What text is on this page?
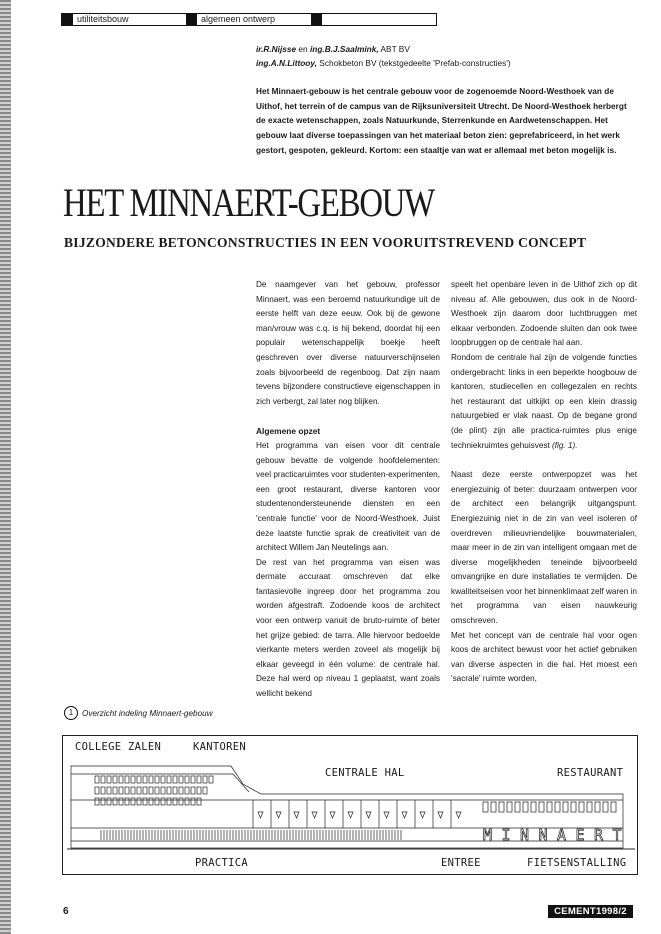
utiliteitsbouw	algemeen ontwerp
ir.R.Nijsse en ing.B.J.Saalmink, ABT BV
ing.A.N.Littooy, Schokbeton BV (tekstgedeelte 'Prefab-constructies')
Het Minnaert-gebouw is het centrale gebouw voor de zogenoemde Noord-Westhoek van de Uithof, het terrein of de campus van de Rijksuniversiteit Utrecht. De Noord-Westhoek herbergt de exacte wetenschappen, zoals Natuurkunde, Sterrenkunde en Aardwetenschappen. Het gebouw laat diverse toepassingen van het materiaal beton zien: geprefabriceerd, in het werk gestort, gespoten, gekleurd. Kortom: een staaltje van wat er allemaal met beton mogelijk is.
HET MINNAERT-GEBOUW
BIJZONDERE BETONCONSTRUCTIES IN EEN VOORUITSTREVEND CONCEPT

De naamgever van het gebouw, professor Minnaert, was een beroemd natuurkundige uit de eerste helft van deze eeuw. Ook bij de gewone man/vrouw was c.q. is hij bekend, doordat hij een populair wetenschappelijk boekje heeft geschreven over diverse natuurverschijnselen zoals bijvoorbeeld de regenboog. Dat zijn naam tevens bijzondere constructieve eigenschappen in zich verbergt, zal later nog blijken.

Algemene opzet

Het programma van eisen voor dit centrale gebouw bevatte de volgende hoofdelementen: veel practicaruimtes voor studenten-experimenten, een groot restaurant, diverse kantoren voor studentenondersteunende diensten en een 'centrale functie' voor de Noord-Westhoek. Juist deze laatste functie sprak de creativiteit van de architect Willem Jan Neutelings aan.

De rest van het programma van eisen was dermate accuraat omschreven dat elke fantasievolle ingreep door het programma zou worden afgestraft. Zodoende koos de architect voor een ontwerp vanuit de bruto-ruimte of beter het grijze gebied: de tarra. Alle hiervoor bedoelde vierkante meters werden zoveel als mogelijk bij elkaar geveegd in één volume: de centrale hal. Deze hal werd op niveau 1 geplaatst, want zoals wellicht bekend

speelt het openbare leven in de Uithof zich op dit niveau af. Alle gebouwen, dus ook in de Noord-Westhoek zijn daarom door luchtbruggen met elkaar verbonden. Zodoende sluiten dan ook twee loopbruggen op de centrale hal aan.

Rondom de centrale hal zijn de volgende functies ondergebracht: links in een beperkte hoogbouw de kantoren, studiecellen en collegezalen en rechts het restaurant dat uitkijkt op een klein drassig natuurgebied er vlak naast. Op de begane grond (de plint) zijn alle practica-ruimtes plus enige techniekruimtes gehuisvest (fig. 1).

Naast deze eerste ontwerpopzet was het energiezuinig of beter: duurzaam ontwerpen voor de architect een belangrijk uitgangspunt. Energiezuinig niet in de zin van veel isoleren of overdreven milieuvriendelijke bouwmaterialen, maar meer in de zin van intelligent omgaan met de diverse mogelijkheden teneinde bijvoorbeeld omvangrijke en dure installaties te vermijden. De kwaliteitseisen voor het binnenklimaat zelf waren in het programma van eisen nauwkeurig omschreven.

Met het concept van de centrale hal voor ogen koos de architect bewust voor het actief gebruiken van diverse aspecten in die hal. Het moest een 'sacrale' ruimte worden,

1	Overzicht indeling Minnaert-gebouw
M I N N A E R T
COLLEGE ZALEN	KANTOREN
CENTRALE HAL	RESTAURANT
PRACTICA	ENTREE	FIETSENSTALLING
6	CEMENT1998/2
